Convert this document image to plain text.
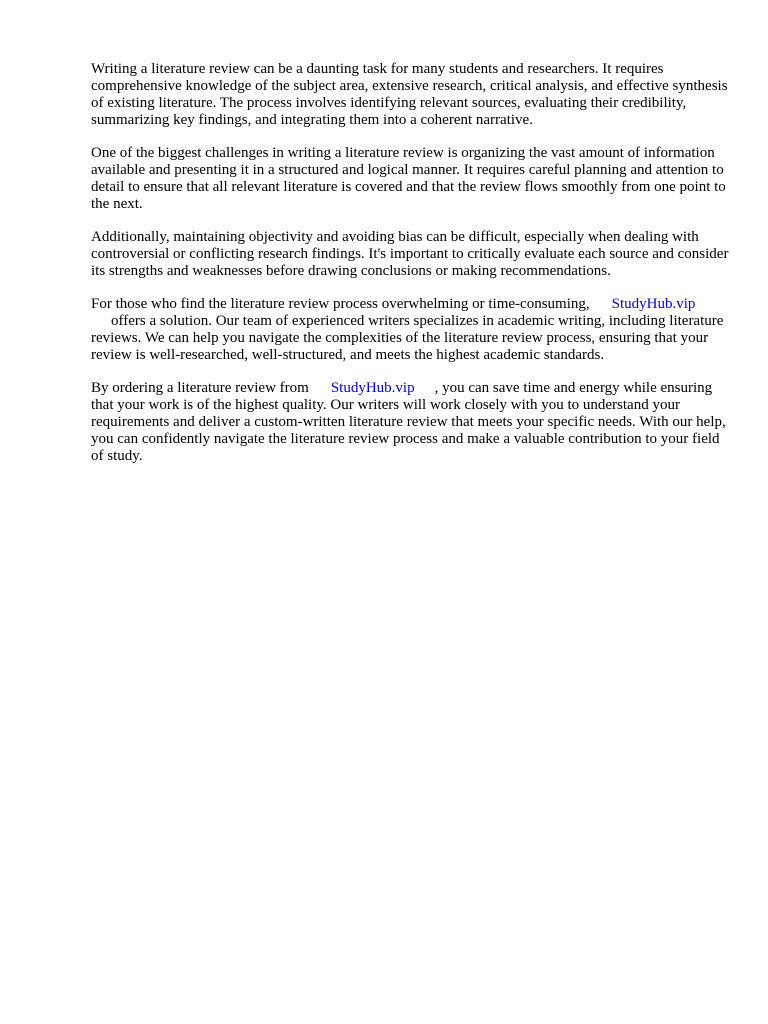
Writing a literature review can be a daunting task for many students and researchers. It requires comprehensive knowledge of the subject area, extensive research, critical analysis, and effective synthesis of existing literature. The process involves identifying relevant sources, evaluating their credibility, summarizing key findings, and integrating them into a coherent narrative.

One of the biggest challenges in writing a literature review is organizing the vast amount of information available and presenting it in a structured and logical manner. It requires careful planning and attention to detail to ensure that all relevant literature is covered and that the review flows smoothly from one point to the next.

Additionally, maintaining objectivity and avoiding bias can be difficult, especially when dealing with controversial or conflicting research findings. It's important to critically evaluate each source and consider its strengths and weaknesses before drawing conclusions or making recommendations.

For those who find the literature review process overwhelming or time-consuming, StudyHub.vip
offers a solution. Our team of experienced writers specializes in academic writing, including literature reviews. We can help you navigate the complexities of the literature review process, ensuring that your review is well-researched, well-structured, and meets the highest academic standards.

By ordering a literature review from StudyHub.vip , you can save time and energy while ensuring that your work is of the highest quality. Our writers will work closely with you to understand your requirements and deliver a custom-written literature review that meets your specific needs. With our help, you can confidently navigate the literature review process and make a valuable contribution to your field of study.
